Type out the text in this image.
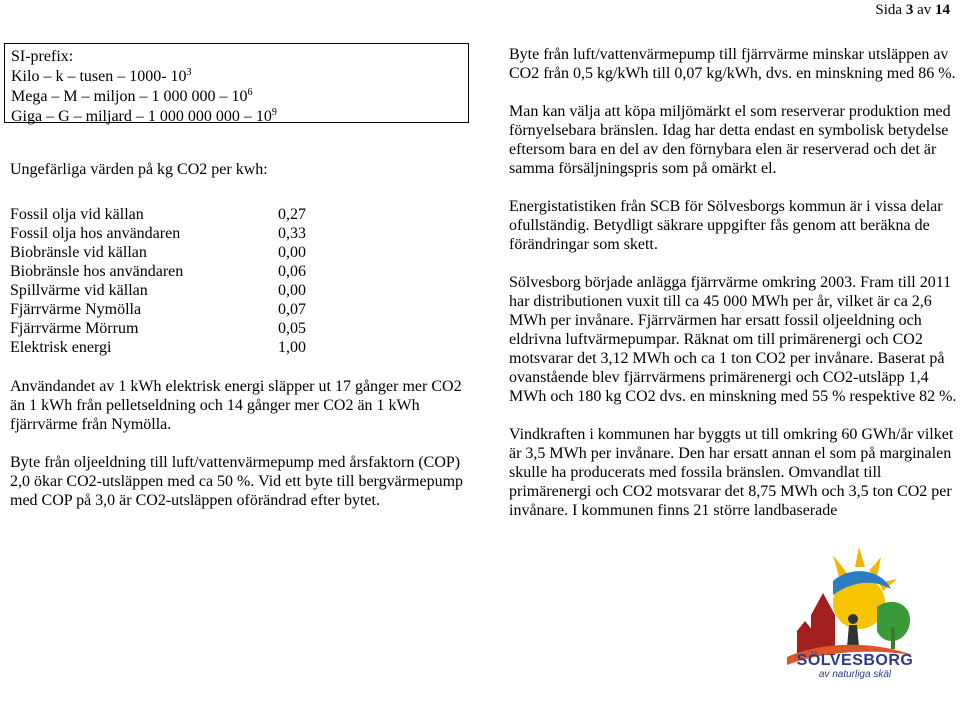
Sida 3 av 14
SI-prefix:
Kilo – k – tusen – 1000- $10^3$
Mega – M – miljon – 1 000 $000 - 10^6$
Giga – G – miljard – 1 000 000 $000 - 10^9$

Ungefärliga värden på kg CO2 per kwh:

Fossil olja vid källan	0,27
Fossil olja hos användaren	0,33
Biobränsle vid källan	0,00
Biobränsle hos användaren	0,06
Spillvärme vid källan	0,00
Fjärrvärme Nymölla	0,07
Fjärrvärme Mörrum	0,05
Elektrisk energi	1,00

Användandet av 1 kWh elektrisk energi släpper ut 17 gånger mer CO2 än 1 kWh från pelletseldning och 14 gånger mer CO2 än 1 kWh fjärrvärme från Nymölla.

Byte från oljeeldning till luft/vattenvärmepump med årsfaktorn (COP) 2,0 ökar CO2-utsläppen med ca 50 %. Vid ett byte till bergvärmepump med COP på 3,0 är CO2-utsläppen oförändrad efter bytet.

Byte från luft/vattenvärmepump till fjärrvärme minskar utsläppen av CO2 från 0,5 kg/kWh till 0,07 kg/kWh, dvs. en minskning med 86 %.

Man kan välja att köpa miljömärkt el som reserverar produktion med förnyelsebara bränslen. Idag har detta endast en symbolisk betydelse eftersom bara en del av den förnybara elen är reserverad och det är samma försäljningspris som på omärkt el.

Energistatistiken från SCB för Sölvesborgs kommun är i vissa delar ofullständig. Betydligt säkrare uppgifter fås genom att beräkna de förändringar som skett.

Sölvesborg började anlägga fjärrvärme omkring 2003. Fram till 2011 har distributionen vuxit till ca 45 000 MWh per år, vilket är ca 2,6 MWh per invånare. Fjärrvärmen har ersatt fossil oljeeldning och eldrivna luftvärmepumpar. Räknat om till primärenergi och CO2 motsvarar det 3,12 MWh och ca 1 ton CO2 per invånare. Baserat på ovanstående blev fjärrvärmens primärenergi och CO2-utsläpp 1,4 MWh och 180 kg CO2 dvs. en minskning med 55 % respektive 82 %.

Vindkraften i kommunen har byggts ut till omkring 60 GWh/år vilket är 3,5 MWh per invånare. Den har ersatt annan el som på marginalen skulle ha producerats med fossila bränslen. Omvandlat till primärenergi och CO2 motsvarar det 8,75 MWh och 3,5 ton CO2 per invånare. I kommunen finns 21 större landbaserade

SÖLVESBORG
av naturliga skäl
